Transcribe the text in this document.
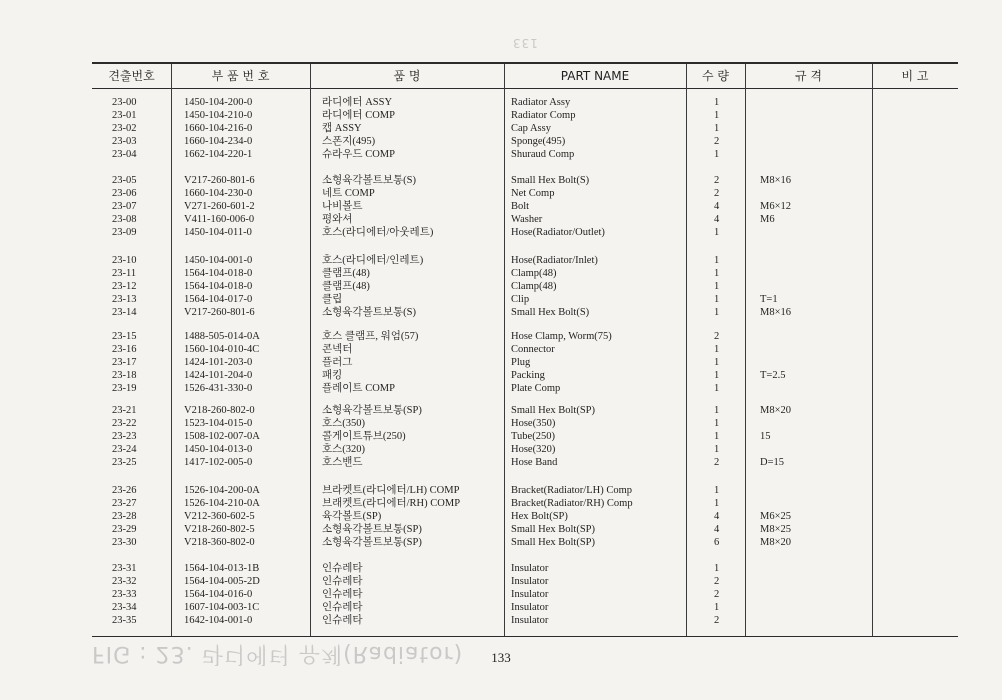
133
FIG : 23. 라디에터 유체(Radiator)
견출번호	부 품 번 호	품 명	PART NAME	수 량	규 격	비 고
23-00	1450-104-200-0	라디에터 ASSY	Radiator Assy	1
23-01	1450-104-210-0	라디에터 COMP	Radiator Comp	1
23-02	1660-104-216-0	캡 ASSY	Cap Assy	1
23-03	1660-104-234-0	스폰지(495)	Sponge(495)	2
23-04	1662-104-220-1	슈라우드 COMP	Shuraud Comp	1
23-05	V217-260-801-6	소형육각볼트보통(S)	Small Hex Bolt(S)	2	M8×16
23-06	1660-104-230-0	네트 COMP	Net Comp	2
23-07	V271-260-601-2	나비볼트	Bolt	4	M6×12
23-08	V411-160-006-0	평와셔	Washer	4	M6
23-09	1450-104-011-0	호스(라디에터/아웃레트)	Hose(Radiator/Outlet)	1
23-10	1450-104-001-0	호스(라디에터/인레트)	Hose(Radiator/Inlet)	1
23-11	1564-104-018-0	클램프(48)	Clamp(48)	1
23-12	1564-104-018-0	클램프(48)	Clamp(48)	1
23-13	1564-104-017-0	클립	Clip	1	T=1
23-14	V217-260-801-6	소형육각볼트보통(S)	Small Hex Bolt(S)	1	M8×16
23-15	1488-505-014-0A	호스 클램프, 워엄(57)	Hose Clamp, Worm(75)	2
23-16	1560-104-010-4C	콘넥터	Connector	1
23-17	1424-101-203-0	플러그	Plug	1
23-18	1424-101-204-0	패킹	Packing	1	T=2.5
23-19	1526-431-330-0	플레이트 COMP	Plate Comp	1
23-21	V218-260-802-0	소형육각볼트보통(SP)	Small Hex Bolt(SP)	1	M8×20
23-22	1523-104-015-0	호스(350)	Hose(350)	1
23-23	1508-102-007-0A	콜게이트튜브(250)	Tube(250)	1	15
23-24	1450-104-013-0	호스(320)	Hose(320)	1
23-25	1417-102-005-0	호스밴드	Hose Band	2	D=15
23-26	1526-104-200-0A	브라켓트(라디에터/LH) COMP	Bracket(Radiator/LH) Comp	1
23-27	1526-104-210-0A	브래켓트(라디에터/RH) COMP	Bracket(Radiator/RH) Comp	1
23-28	V212-360-602-5	육각볼트(SP)	Hex Bolt(SP)	4	M6×25
23-29	V218-260-802-5	소형육각볼트보통(SP)	Small Hex Bolt(SP)	4	M8×25
23-30	V218-360-802-0	소형육각볼트보통(SP)	Small Hex Bolt(SP)	6	M8×20
23-31	1564-104-013-1B	인슈레타	Insulator	1
23-32	1564-104-005-2D	인슈레타	Insulator	2
23-33	1564-104-016-0	인슈레타	Insulator	2
23-34	1607-104-003-1C	인슈레타	Insulator	1
23-35	1642-104-001-0	인슈레타	Insulator	2
133
